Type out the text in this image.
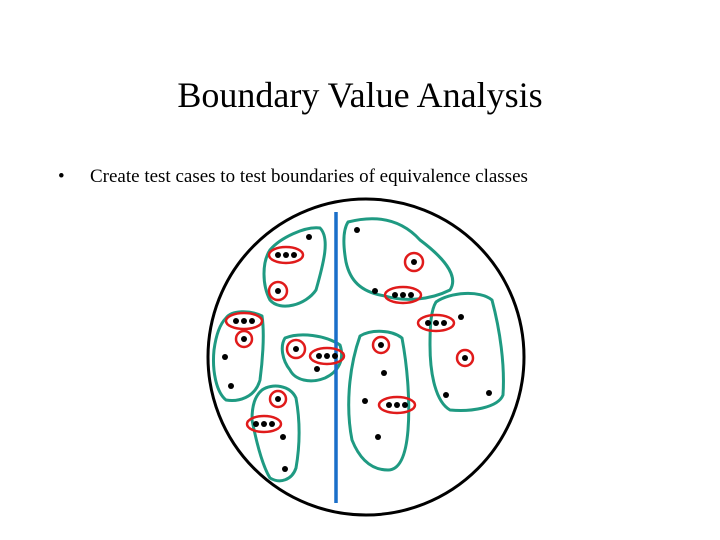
Boundary Value Analysis
•	Create test cases to test boundaries of equivalence classes
